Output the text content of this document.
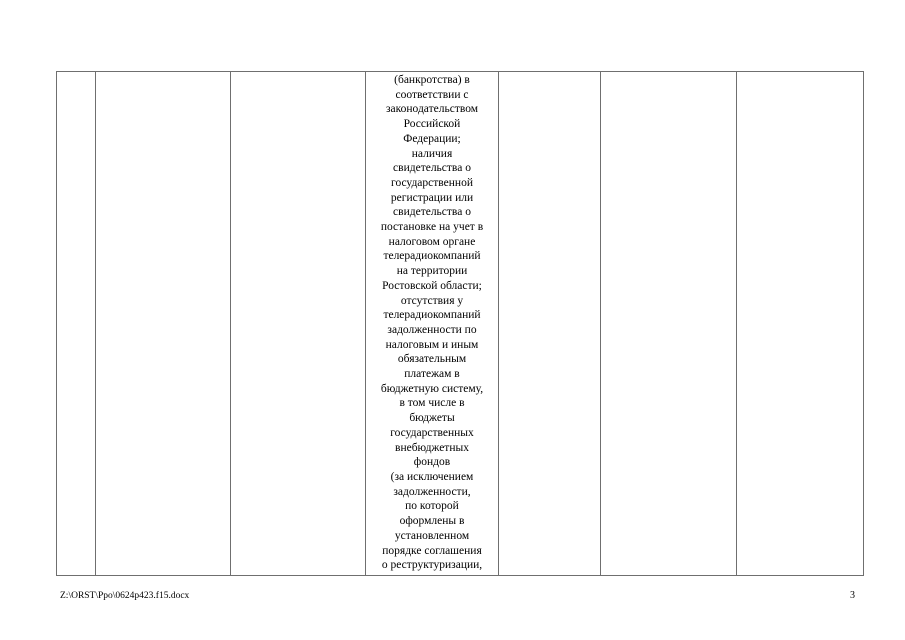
(банкротства) в
соответствии с
законодательством
Российской
Федерации;
наличия
свидетельства о
государственной
регистрации или
свидетельства о
постановке на учет в
налоговом органе
телерадиокомпаний
на территории
Ростовской области;
отсутствия у
телерадиокомпаний
задолженности по
налоговым и иным
обязательным
платежам в
бюджетную систему,
в том числе в
бюджеты
государственных
внебюджетных
фондов
(за исключением
задолженности,
по которой
оформлены в
установленном
порядке соглашения
о реструктуризации,

Z:\ORST\Ppo\0624p423.f15.docx	3
